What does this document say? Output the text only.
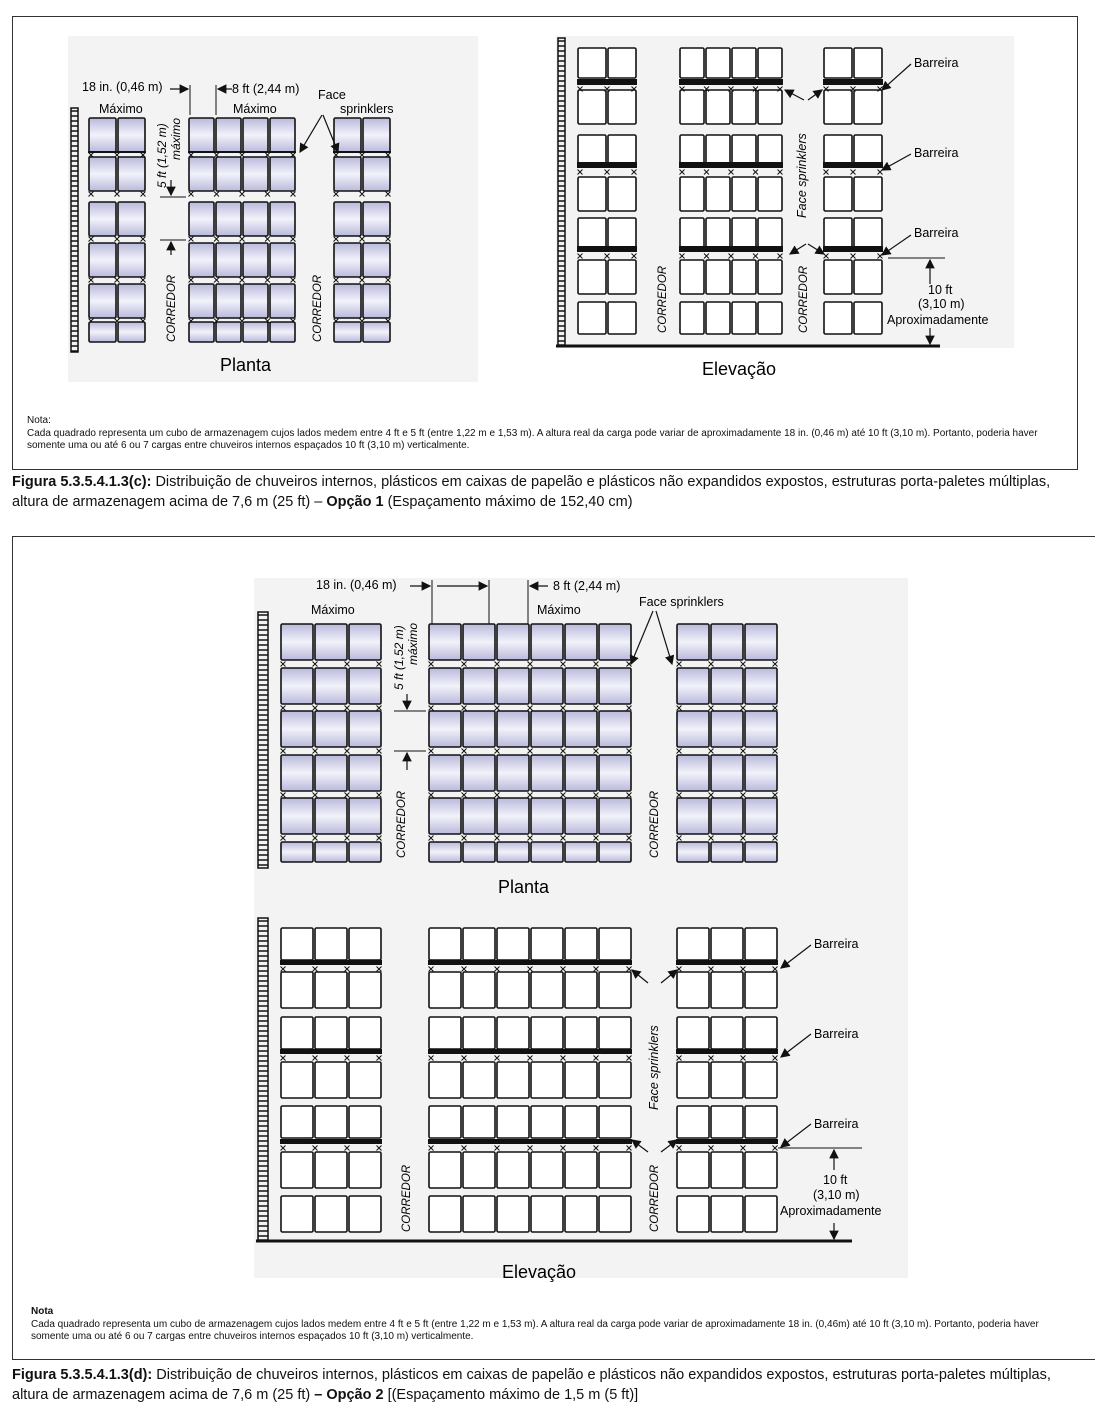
18 in. (0,46 m)	8 ft (2,44 m)
Máximo	Máximo
Face
sprinklers
5 ft (1,52 m) máximo
CORREDOR	CORREDOR
Planta
Barreira
Barreira
Barreira
Face sprinklers
CORREDOR	CORREDOR	10 ft
(3,10 m)
Aproximadamente
Elevação
Nota:
Cada quadrado representa um cubo de armazenagem cujos lados medem entre 4 ft e 5 ft (entre 1,22 m e 1,53 m). A altura real da carga pode variar de aproximadamente 18 in. (0,46 m) até 10 ft (3,10 m). Portanto, poderia haver somente uma ou até 6 ou 7 cargas entre chuveiros internos espaçados 10 ft (3,10 m) verticalmente.
Figura 5.3.5.4.1.3(c): Distribuição de chuveiros internos, plásticos em caixas de papelão e plásticos não expandidos expostos, estruturas porta-paletes múltiplas, altura de armazenagem acima de 7,6 m (25 ft) – Opção 1 (Espaçamento máximo de 152,40 cm)
18 in. (0,46 m)	8 ft (2,44 m)
Máximo	Máximo
Face sprinklers
5 ft (1,52 m) máximo
CORREDOR	CORREDOR
Planta
Barreira
Barreira
Barreira
Face sprinklers
CORREDOR	CORREDOR	10 ft
(3,10 m)
Aproximadamente
Elevação
Nota
Cada quadrado representa um cubo de armazenagem cujos lados medem entre 4 ft e 5 ft (entre 1,22 m e 1,53 m). A altura real da carga pode variar de aproximadamente 18 in. (0,46m) até 10 ft (3,10 m). Portanto, poderia haver somente uma ou até 6 ou 7 cargas entre chuveiros internos espaçados 10 ft (3,10 m) verticalmente.
Figura 5.3.5.4.1.3(d): Distribuição de chuveiros internos, plásticos em caixas de papelão e plásticos não expandidos expostos, estruturas porta-paletes múltiplas, altura de armazenagem acima de 7,6 m (25 ft) – Opção 2 [(Espaçamento máximo de 1,5 m (5 ft)]
